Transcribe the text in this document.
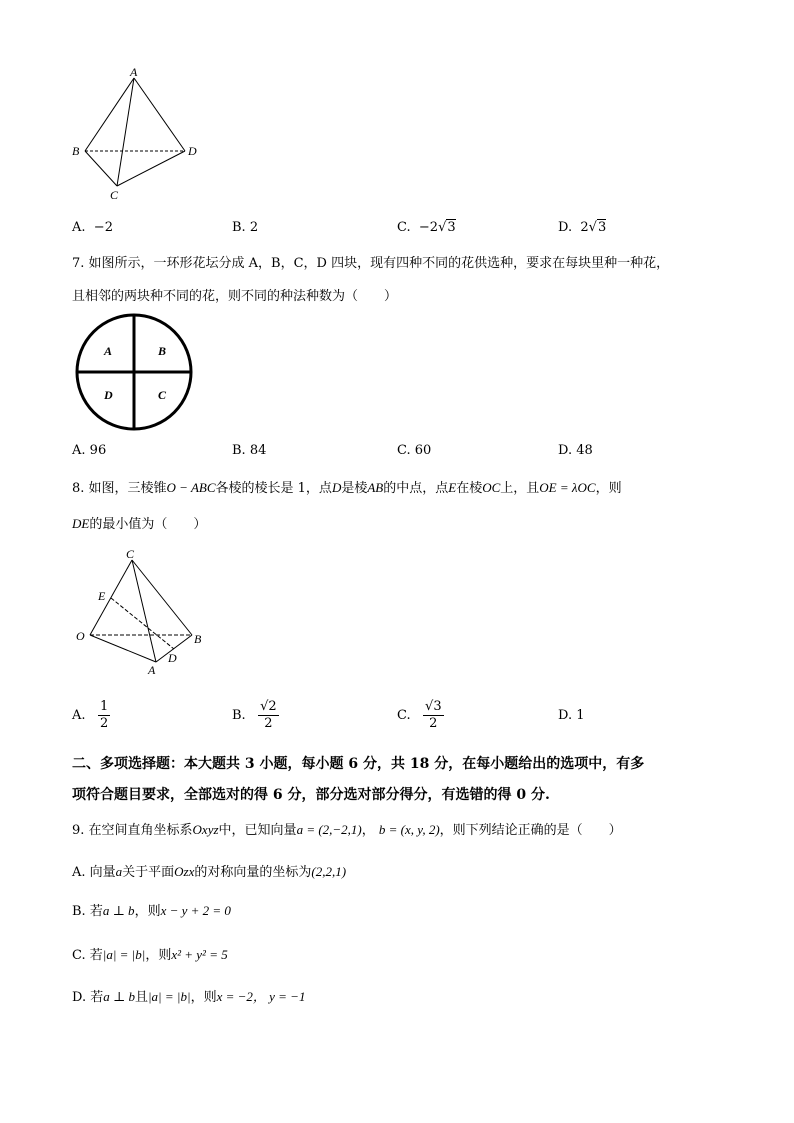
A
B	D
C
A. −2	B. 2	C. −2√3	D. 2√3
7. 如图所示，一环形花坛分成 A，B，C，D 四块，现有四种不同的花供选种，要求在每块里种一种花，
且相邻的两块种不同的花，则不同的种法种数为（　　）
A	B
D	C
A. 96	B. 84	C. 60	D. 48
8. 如图，三棱锥O − ABC各棱的棱长是 1，点D是棱AB的中点，点E在棱OC上，且OE = λOC，则
DE的最小值为（　　）
C
E
O	B
D
A
A. $\frac{1}{2}$	B. $\frac{√2}{2}$	C. $\frac{√3}{2}$	D. 1
二、多项选择题：本大题共 3 小题，每小题 6 分，共 18 分，在每小题给出的选项中，有多
项符合题目要求，全部选对的得 6 分，部分选对部分得分，有选错的得 0 分.
9. 在空间直角坐标系Oxyz中，已知向量a = (2,−2,1)， b = (x, y, 2)，则下列结论正确的是（　　）
A. 向量a关于平面Ozx的对称向量的坐标为(2,2,1)
B. 若a ⊥ b，则x − y + 2 = 0
C. 若|a| = |b|，则x² + y² = 5
D. 若a ⊥ b且|a| = |b|，则x = −2， y = −1
